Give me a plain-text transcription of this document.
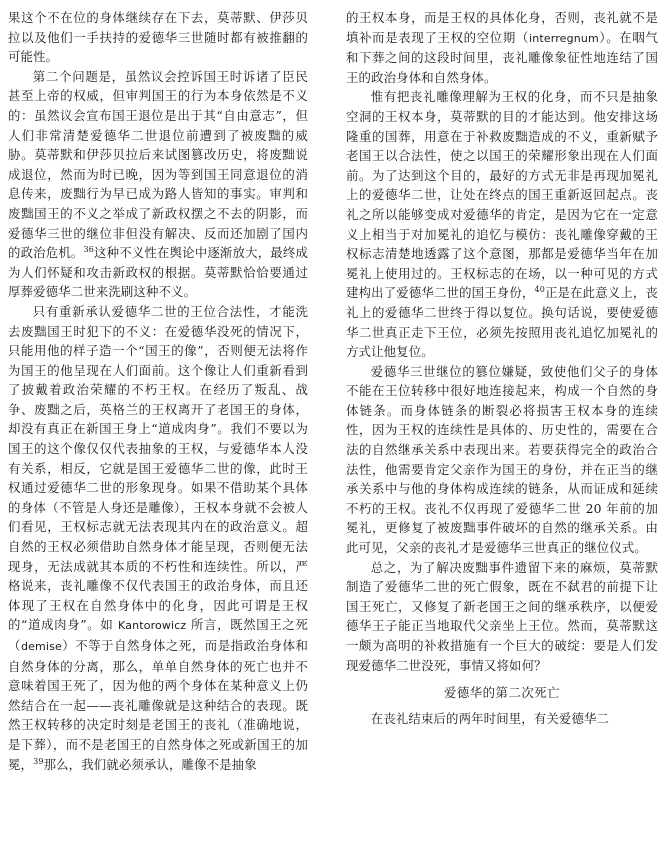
果这个不在位的身体继续存在下去，莫蒂默、伊莎贝拉以及他们一手扶持的爱德华三世随时都有被推翻的可能性。

第二个问题是，虽然议会控诉国王时诉诸了臣民甚至上帝的权威，但审判国王的行为本身依然是不义的：虽然议会宣布国王退位是出于其“自由意志”，但人们非常清楚爱德华二世退位前遭到了被废黜的威胁。莫蒂默和伊莎贝拉后来试图篡改历史，将废黜说成退位，然而为时已晚，因为等到国王同意退位的消息传来，废黜行为早已成为路人皆知的事实。审判和废黜国王的不义之举成了新政权摆之不去的阴影，而爱德华三世的继位非但没有解决、反而还加剧了国内的政治危机。$^{36}$这种不义性在舆论中逐渐放大，最终成为人们怀疑和攻击新政权的根据。莫蒂默恰恰要通过厚葬爱德华二世来洗刷这种不义。

只有重新承认爱德华二世的王位合法性，才能洗去废黜国王时犯下的不义：在爱德华没死的情况下，只能用他的样子造一个“国王的像”，否则便无法将作为国王的他呈现在人们面前。这个像让人们重新看到了披戴着政治荣耀的不朽王权。在经历了叛乱、战争、废黜之后，英格兰的王权离开了老国王的身体，却没有真正在新国王身上“道成肉身”。我们不要以为国王的这个像仅仅代表抽象的王权，与爱德华本人没有关系，相反，它就是国王爱德华二世的像，此时王权通过爱德华二世的形象现身。如果不借助某个具体的身体（不管是人身还是雕像），王权本身就不会被人们看见，王权标志就无法表现其内在的政治意义。超自然的王权必须借助自然身体才能呈现，否则便无法现身，无法成就其本质的不朽性和连续性。所以，严格说来，丧礼雕像不仅代表国王的政治身体，而且还体现了王权在自然身体中的化身，因此可谓是王权的“道成肉身”。如 Kantorowicz 所言，既然国王之死（demise）不等于自然身体之死，而是指政治身体和自然身体的分离，那么，单单自然身体的死亡也并不意味着国王死了，因为他的两个身体在某种意义上仍然结合在一起——丧礼雕像就是这种结合的表现。既然王权转移的决定时刻是老国王的丧礼（准确地说，是下葬），而不是老国王的自然身体之死或新国王的加冕，$^{39}$那么，我们就必须承认，雕像不是抽象

的王权本身，而是王权的具体化身，否则，丧礼就不是填补而是表现了王权的空位期（interregnum）。在咽气和下葬之间的这段时间里，丧礼雕像象征性地连结了国王的政治身体和自然身体。

惟有把丧礼雕像理解为王权的化身，而不只是抽象空洞的王权本身，莫蒂默的目的才能达到。他安排这场隆重的国葬，用意在于补救废黜造成的不义，重新赋予老国王以合法性，使之以国王的荣耀形象出现在人们面前。为了达到这个目的，最好的方式无非是再现加冕礼上的爱德华二世，让处在终点的国王重新返回起点。丧礼之所以能够变成对爱德华的肯定，是因为它在一定意义上相当于对加冕礼的追忆与模仿：丧礼雕像穿戴的王权标志清楚地透露了这个意图，那都是爱德华当年在加冕礼上使用过的。王权标志的在场，以一种可见的方式建构出了爱德华二世的国王身份，$^{40}$正是在此意义上，丧礼上的爱德华二世终于得以复位。换句话说，要使爱德华二世真正走下王位，必须先按照用丧礼追忆加冕礼的方式让他复位。

爱德华三世继位的篡位嫌疑，致使他们父子的身体不能在王位转移中很好地连接起来，构成一个自然的身体链条。而身体链条的断裂必将损害王权本身的连续性，因为王权的连续性是具体的、历史性的，需要在合法的自然继承关系中表现出来。若要获得完全的政治合法性，他需要肯定父亲作为国王的身份，并在正当的继承关系中与他的身体构成连续的链条，从而证成和延续不朽的王权。丧礼不仅再现了爱德华二世 20 年前的加冕礼，更修复了被废黜事件破坏的自然的继承关系。由此可见，父亲的丧礼才是爱德华三世真正的继位仪式。

总之，为了解决废黜事件遗留下来的麻烦，莫蒂默制造了爱德华二世的死亡假象，既在不弑君的前提下让国王死亡，又修复了新老国王之间的继承秩序，以便爱德华王子能正当地取代父亲坐上王位。然而，莫蒂默这一颇为高明的补救措施有一个巨大的破绽：要是人们发现爱德华二世没死，事情又将如何？

爱德华的第二次死亡

在丧礼结束后的两年时间里，有关爱德华二
